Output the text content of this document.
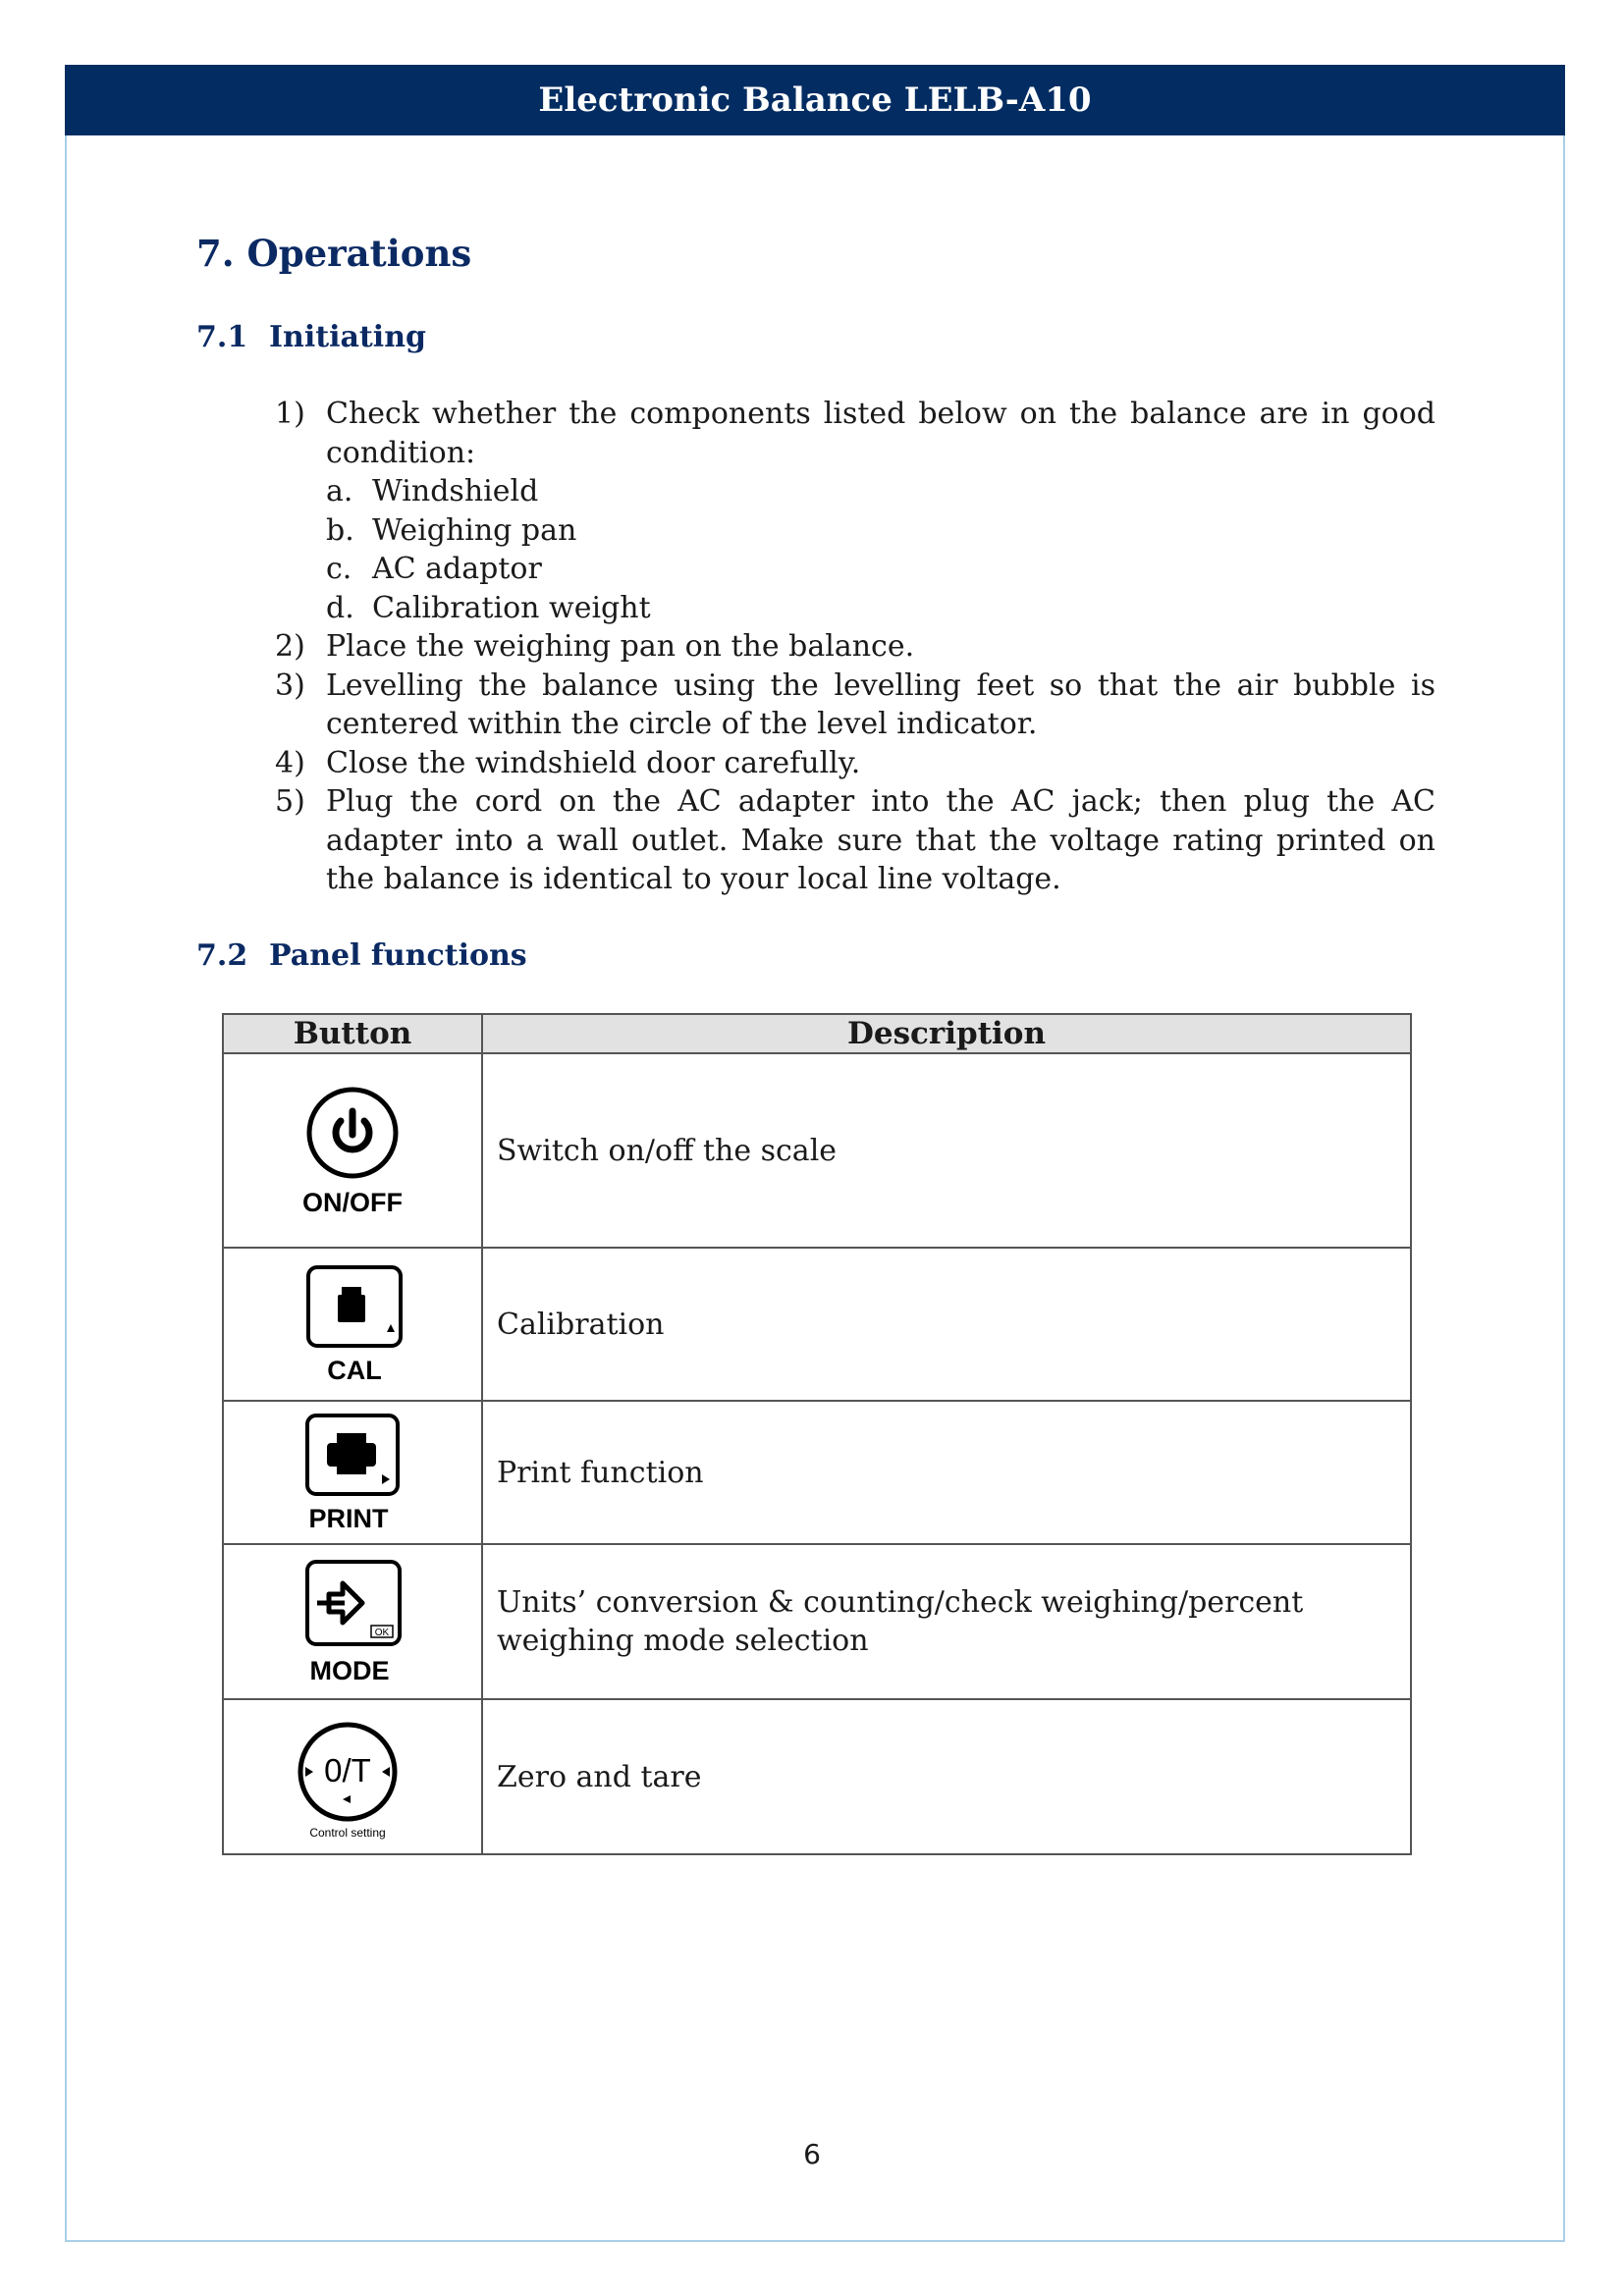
Electronic Balance LELB-A10
7. Operations
7.1 Initiating
1) Check whether the components listed below on the balance are in good condition:
a. Windshield
b. Weighing pan
c. AC adaptor
d. Calibration weight
2) Place the weighing pan on the balance.
3) Levelling the balance using the levelling feet so that the air bubble is centered within the circle of the level indicator.
4) Close the windshield door carefully.
5) Plug the cord on the AC adapter into the AC jack; then plug the AC adapter into a wall outlet. Make sure that the voltage rating printed on the balance is identical to your local line voltage.
7.2 Panel functions
Button	Description

ON/OFF	Switch on/off the scale

CAL	Calibration

PRINT	Print function

OK
MODE	Units’ conversion & counting/check weighing/percent weighing mode selection

0/T
Control setting	Zero and tare
6
